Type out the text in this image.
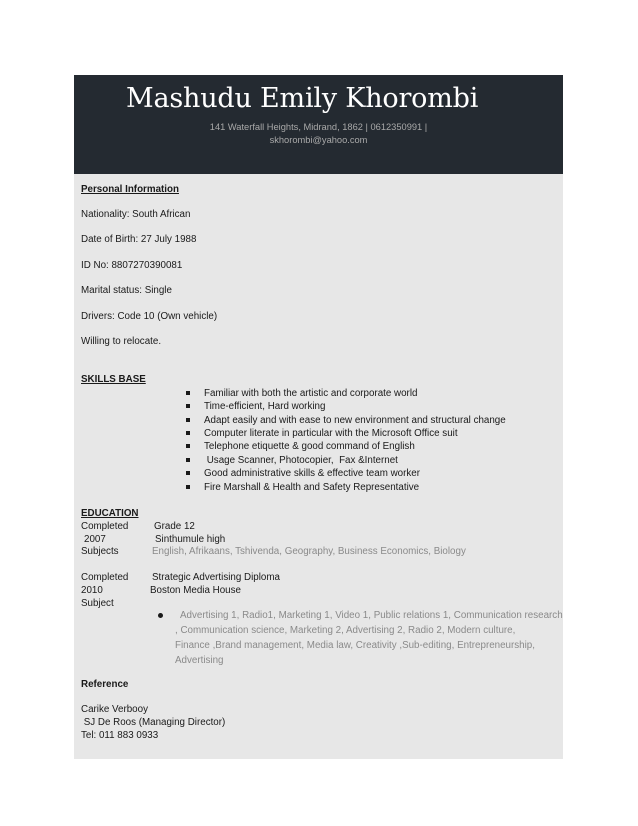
Mashudu Emily Khorombi
141 Waterfall Heights, Midrand, 1862 | 0612350991 |
skhorombi@yahoo.com
Personal Information
Nationality: South African
Date of Birth: 27 July 1988
ID No: 8807270390081
Marital status: Single
Drivers: Code 10 (Own vehicle)
Willing to relocate.
SKILLS BASE
Familiar with both the artistic and corporate world
Time-efficient, Hard working
Adapt easily and with ease to new environment and structural change
Computer literate in particular with the Microsoft Office suit
Telephone etiquette & good command of English
Usage Scanner, Photocopier,  Fax &Internet
Good administrative skills & effective team worker
Fire Marshall & Health and Safety Representative
EDUCATION
Completed	Grade 12
2007	Sinthumule high
Subjects	English, Afrikaans, Tshivenda, Geography, Business Economics, Biology
Completed Strategic Advertising Diploma
2010	Boston Media House
Subject
Advertising 1, Radio1, Marketing 1, Video 1, Public relations 1, Communication research
, Communication science, Marketing 2, Advertising 2, Radio 2, Modern culture,
Finance ,Brand management, Media law, Creativity ,Sub-editing, Entrepreneurship,
Advertising
Reference
Carike Verbooy
SJ De Roos (Managing Director)
Tel: 011 883 0933
